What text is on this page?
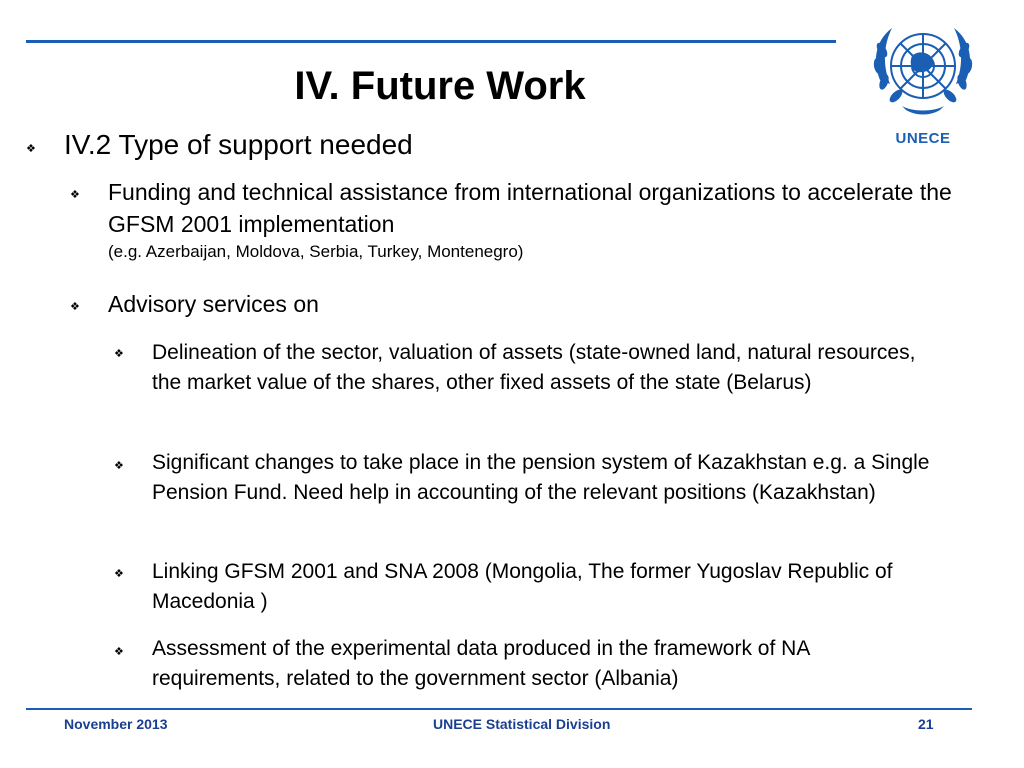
IV. Future Work
UNECE
❖ IV.2 Type of support needed
❖ Funding and technical assistance from international organizations to accelerate the GFSM 2001 implementation
(e.g. Azerbaijan, Moldova, Serbia, Turkey, Montenegro)
❖ Advisory services on
❖ Delineation of the sector, valuation of assets (state-owned land, natural resources, the market value of the shares, other fixed assets of the state (Belarus)
❖ Significant changes to take place in the pension system of Kazakhstan e.g. a Single Pension Fund. Need help in accounting of the relevant positions (Kazakhstan)
❖ Linking GFSM 2001 and SNA 2008 (Mongolia, The former Yugoslav Republic of Macedonia )
❖ Assessment of the experimental data produced in the framework of NA requirements, related to the government sector (Albania)
November 2013	UNECE Statistical Division	21
